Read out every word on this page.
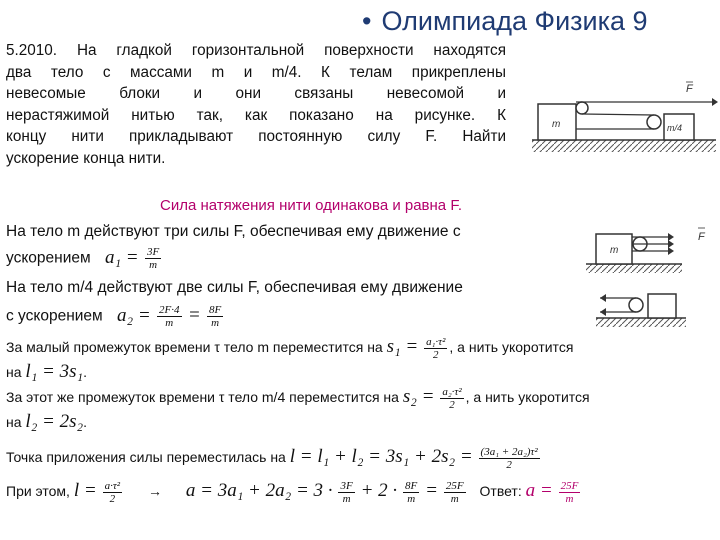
• Олимпиада Физика 9
5.2010. На гладкой горизонтальной поверхности находятся
два тело с массами m и m/4. К телам прикреплены
невесомые блоки и они связаны невесомой и
нерастяжимой нитью так, как показано на рисунке. К
концу нити прикладывают постоянную силу F. Найти
ускорение конца нити.
m	m/4
F
Сила натяжения нити одинакова и равна F.
m
F
На тело m действуют три силы F, обеспечивая ему движение с
ускорением $a_1 = \frac{3F}{m}$
На тело m/4 действуют две силы F, обеспечивая ему движение
с ускорением $a_2 = \frac{2F\cdot 4}{m} = \frac{8F}{m}$
За малый промежуток времени τ тело m переместится на $s_1 = \frac{\text{a₁·τ²}}{2}$ , а нить укоротится
на l₁ = 3s₁.
За этот же промежуток времени τ тело m/4 переместится на $s_2 = \frac{\text{a₂·τ²}}{2}$ , а нить укоротится
на l₂ = 2s₂.
Точка приложения силы переместилась на $l = l_1 + l_2 = 3s_1 + 2s_2 = \frac{\text{(3a₁ + 2a₂)τ²}}{2}$
При этом, $l = \frac{\text{a·τ²}}{2} \to a = 3a_1 + 2a_2 = 3 \cdot \frac{3F}{m} + 2 \cdot \frac{8F}{m} = \frac{25F}{m}$ Ответ: $a = \frac{25F}{m}$
